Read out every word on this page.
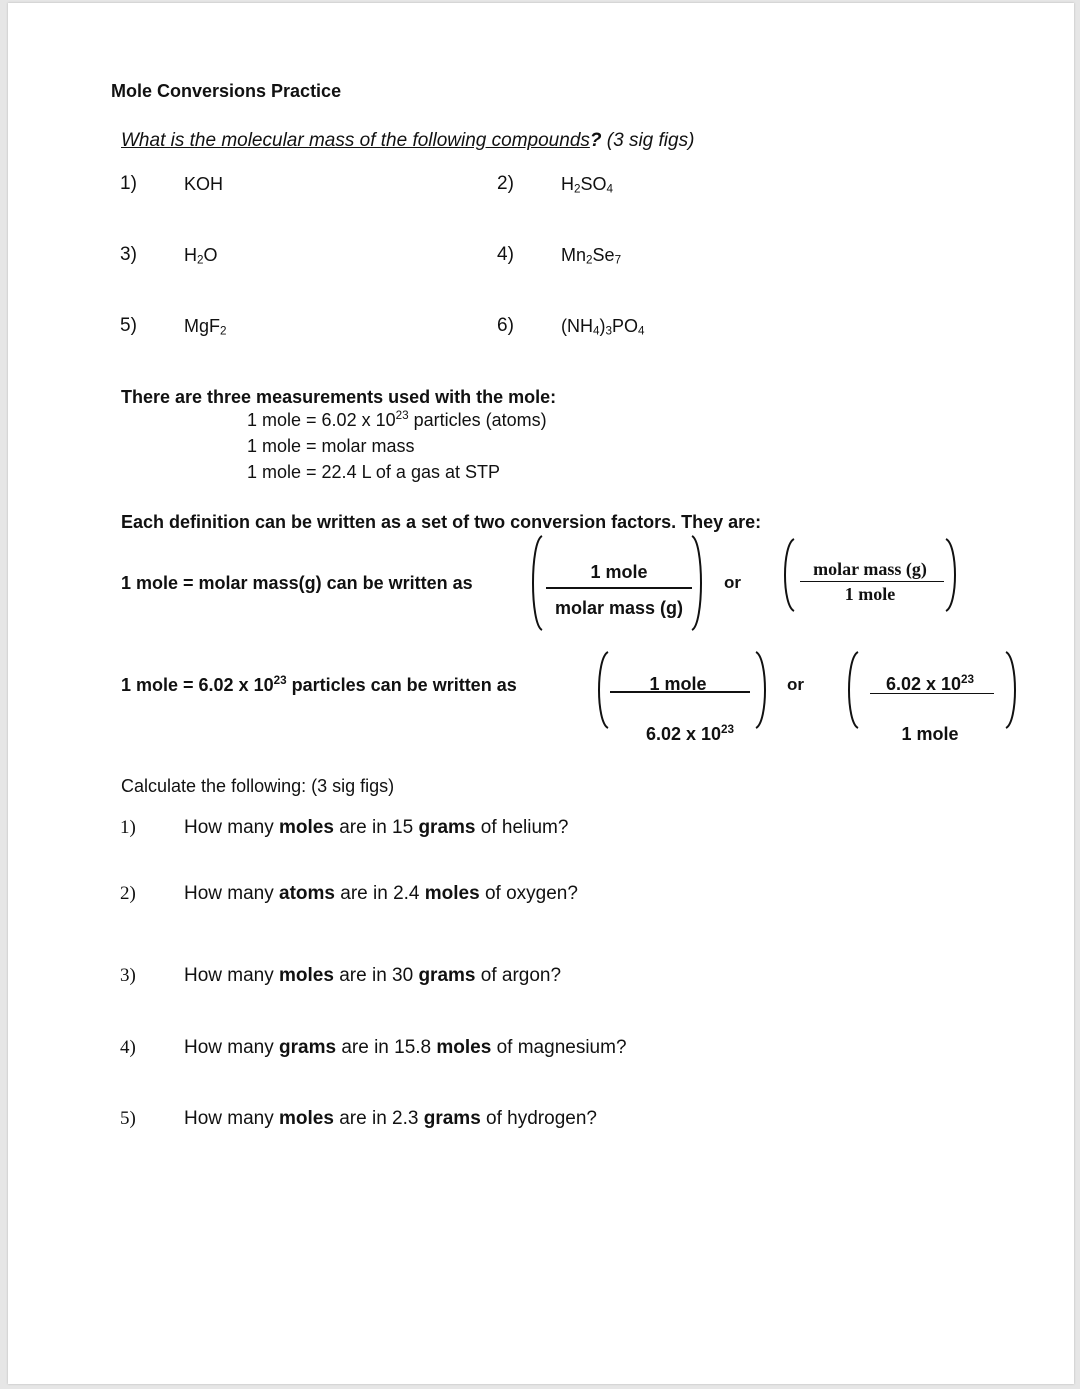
Mole Conversions Practice
What is the molecular mass of the following compounds? (3 sig figs)
1)	KOH	2)	$H_2SO_4$
3)	$H_2O$	4)	$Mn_2Se_7$
5)	MgF$_2$	6)	$(NH_4)_3PO_4$
There are three measurements used with the mole:
1 mole = 6.02 x $10^{23}$ particles (atoms)
1 mole = molar mass
1 mole = 22.4 L of a gas at STP
Each definition can be written as a set of two conversion factors. They are:
1 mole = molar mass(g) can be written as
1 mole
molar mass (g)
or
molar mass (g)
1 mole
1 mole = 6.02 x $10^{23}$ particles can be written as	1 mole
6.02 x $10^{23}$
or	6.02 x $10^{23}$
1 mole
Calculate the following: (3 sig figs)
1)	How many moles are in 15 grams of helium?
2)	How many atoms are in 2.4 moles of oxygen?
3)	How many moles are in 30 grams of argon?
4)	How many grams are in 15.8 moles of magnesium?
5)	How many moles are in 2.3 grams of hydrogen?
